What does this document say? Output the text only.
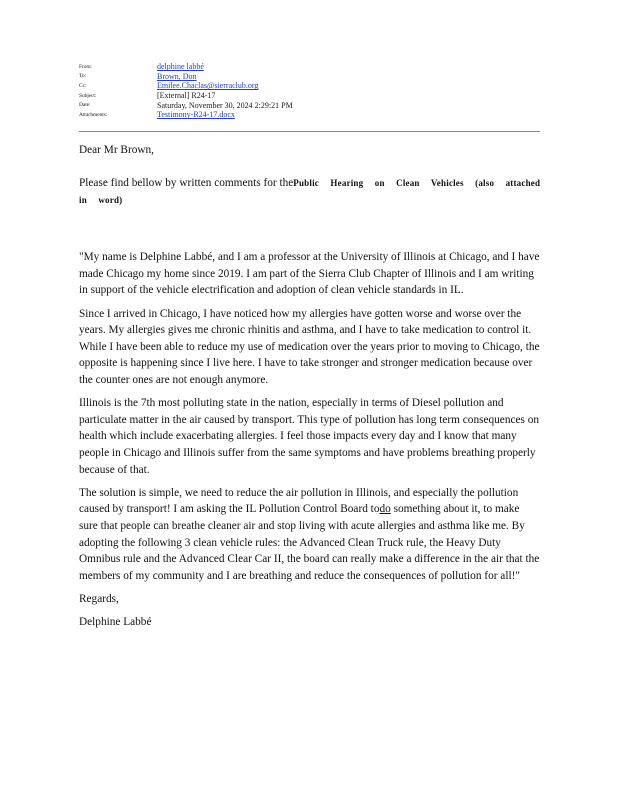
From:	delphine labbé
To:	Brown, Don
Cc:	Emilee.Chaclas@sierraclub.org
Subject:	[External] R24-17
Date:	Saturday, November 30, 2024 2:29:21 PM
Attachments:	Testimony-R24-17.docx

Dear Mr Brown,

Please find bellow by written comments for thePublic Hearing on Clean Vehicles (also attached in word)

"My name is Delphine Labbé, and I am a professor at the University of Illinois at Chicago, and I have made Chicago my home since 2019. I am part of the Sierra Club Chapter of Illinois and I am writing in support of the vehicle electrification and adoption of clean vehicle standards in IL.

Since I arrived in Chicago, I have noticed how my allergies have gotten worse and worse over the years. My allergies gives me chronic rhinitis and asthma, and I have to take medication to control it. While I have been able to reduce my use of medication over the years prior to moving to Chicago, the opposite is happening since I live here. I have to take stronger and stronger medication because over the counter ones are not enough anymore.

Illinois is the 7th most polluting state in the nation, especially in terms of Diesel pollution and particulate matter in the air caused by transport. This type of pollution has long term consequences on health which include exacerbating allergies. I feel those impacts every day and I know that many people in Chicago and Illinois suffer from the same symptoms and have problems breathing properly because of that.

The solution is simple, we need to reduce the air pollution in Illinois, and especially the pollution caused by transport! I am asking the IL Pollution Control Board todo something about it, to make sure that people can breathe cleaner air and stop living with acute allergies and asthma like me. By adopting the following 3 clean vehicle rules: the Advanced Clean Truck rule, the Heavy Duty Omnibus rule and the Advanced Clear Car II, the board can really make a difference in the air that the members of my community and I are breathing and reduce the consequences of pollution for all!"

Regards,

Delphine Labbé
